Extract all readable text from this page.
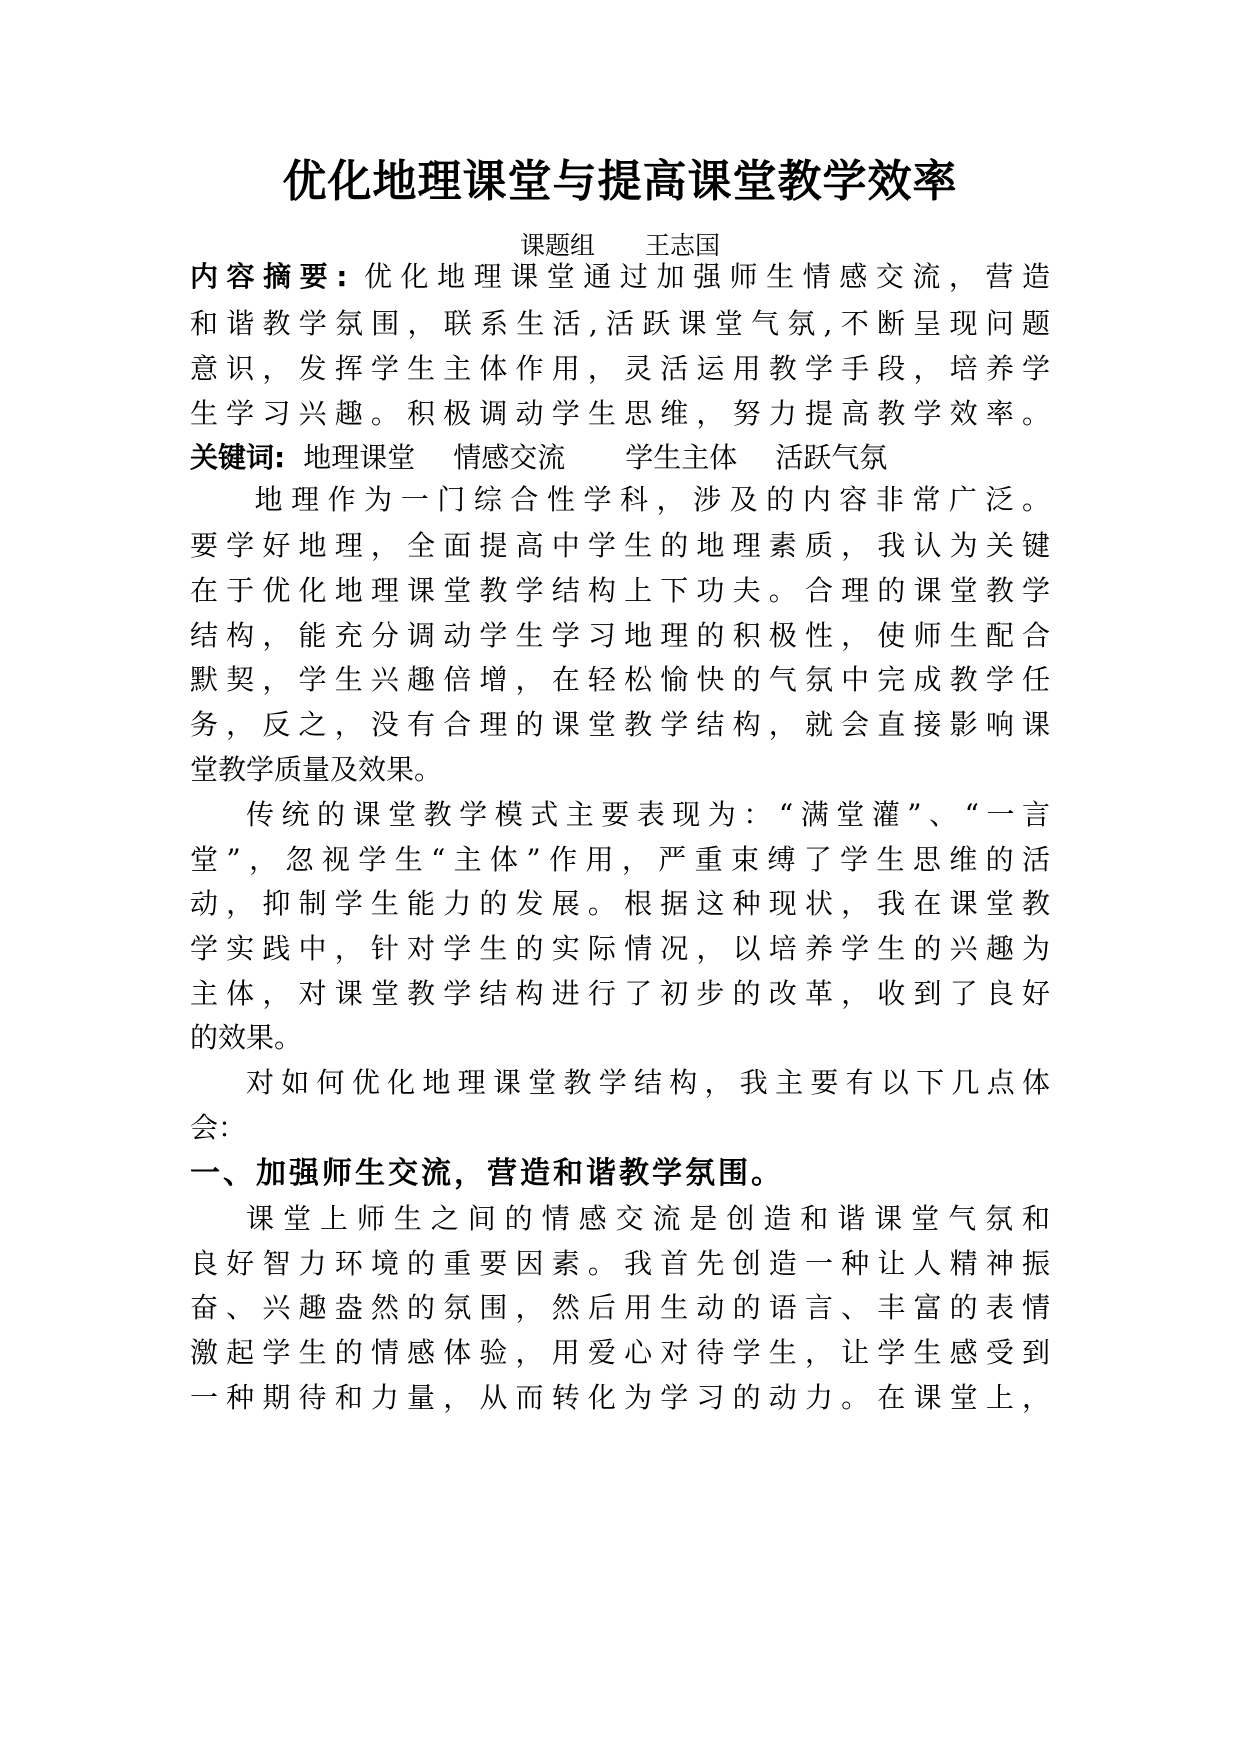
优化地理课堂与提高课堂教学效率
课题组　　王志国
内容摘要: 优化地理课堂通过加强师生情感交流，营造
和谐教学氛围，联系生活,活跃课堂气氛,不断呈现问题
意识，发挥学生主体作用，灵活运用教学手段，培养学
生学习兴趣。积极调动学生思维，努力提高教学效率。
关键词: 地理课堂 情感交流 学生主体 活跃气氛
　地理作为一门综合性学科，涉及的内容非常广泛。
要学好地理，全面提高中学生的地理素质，我认为关键
在于优化地理课堂教学结构上下功夫。合理的课堂教学
结构，能充分调动学生学习地理的积极性，使师生配合
默契，学生兴趣倍增，在轻松愉快的气氛中完成教学任
务，反之，没有合理的课堂教学结构，就会直接影响课
堂教学质量及效果。
传统的课堂教学模式主要表现为：“满堂灌”、“一言
堂”，忽视学生“主体”作用，严重束缚了学生思维的活
动，抑制学生能力的发展。根据这种现状，我在课堂教
学实践中，针对学生的实际情况，以培养学生的兴趣为
主体，对课堂教学结构进行了初步的改革，收到了良好
的效果。
对如何优化地理课堂教学结构，我主要有以下几点体
会：
一、加强师生交流，营造和谐教学氛围。
课堂上师生之间的情感交流是创造和谐课堂气氛和
良好智力环境的重要因素。我首先创造一种让人精神振
奋、兴趣盎然的氛围，然后用生动的语言、丰富的表情
激起学生的情感体验，用爱心对待学生，让学生感受到
一种期待和力量，从而转化为学习的动力。在课堂上，
